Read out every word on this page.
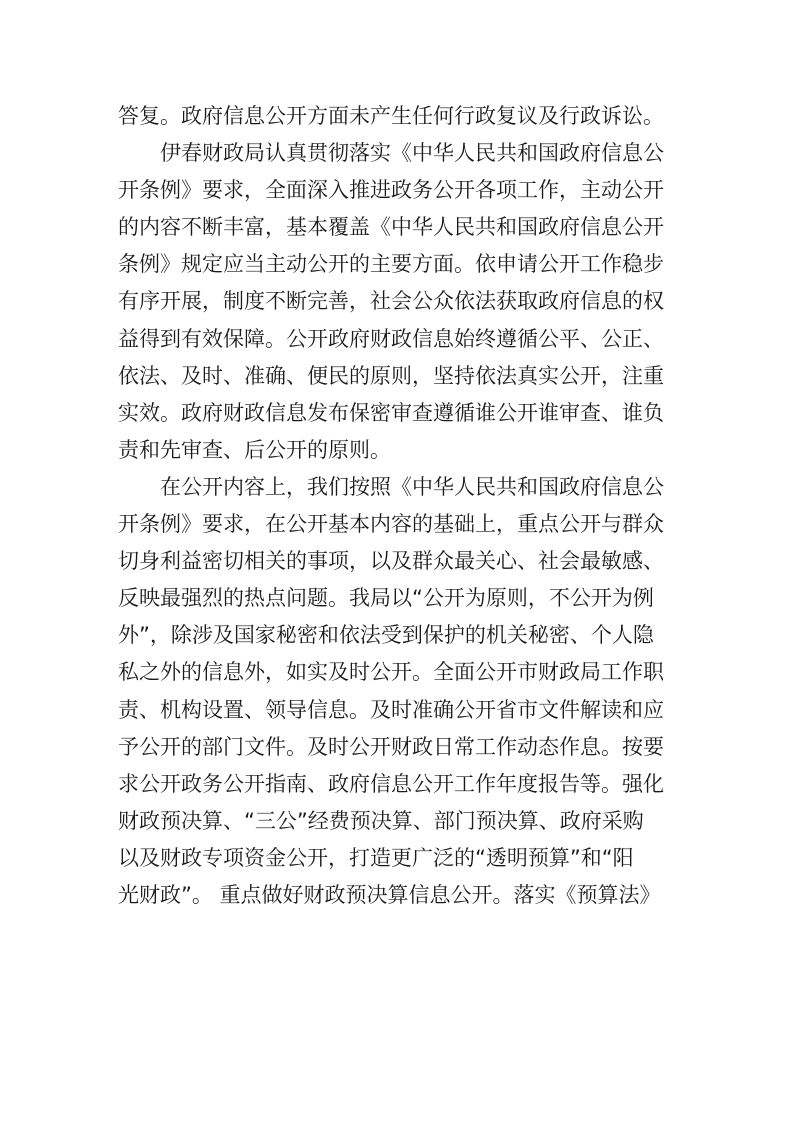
答复。政府信息公开方面未产生任何行政复议及行政诉讼。
伊春财政局认真贯彻落实《中华人民共和国政府信息公
开条例》要求，全面深入推进政务公开各项工作，主动公开
的内容不断丰富，基本覆盖《中华人民共和国政府信息公开
条例》规定应当主动公开的主要方面。依申请公开工作稳步
有序开展，制度不断完善，社会公众依法获取政府信息的权
益得到有效保障。公开政府财政信息始终遵循公平、公正、
依法、及时、准确、便民的原则，坚持依法真实公开，注重
实效。政府财政信息发布保密审查遵循谁公开谁审查、谁负
责和先审查、后公开的原则。
在公开内容上，我们按照《中华人民共和国政府信息公
开条例》要求，在公开基本内容的基础上，重点公开与群众
切身利益密切相关的事项，以及群众最关心、社会最敏感、
反映最强烈的热点问题。我局以“公开为原则，不公开为例
外”，除涉及国家秘密和依法受到保护的机关秘密、个人隐
私之外的信息外，如实及时公开。全面公开市财政局工作职
责、机构设置、领导信息。及时准确公开省市文件解读和应
予公开的部门文件。及时公开财政日常工作动态作息。按要
求公开政务公开指南、政府信息公开工作年度报告等。强化
财政预决算、“三公”经费预决算、部门预决算、政府采购
以及财政专项资金公开，打造更广泛的“透明预算”和“阳
光财政”。 重点做好财政预决算信息公开。落实《预算法》
